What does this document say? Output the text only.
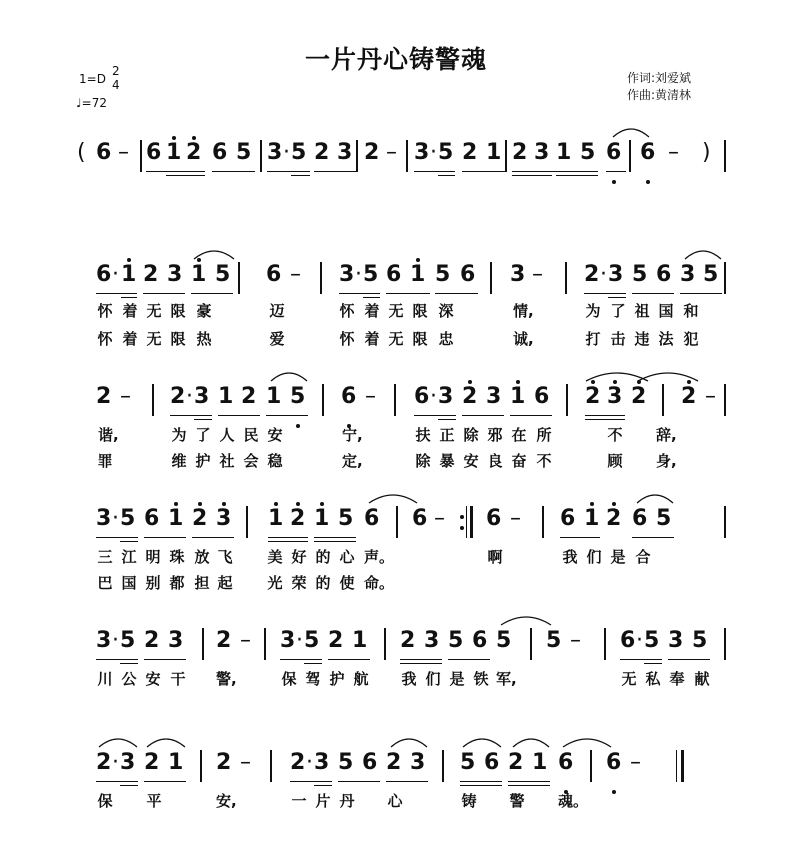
一片丹心铸警魂
1=D
2
4
♩=72
作词:刘爱斌
作曲:黄清林
( 6 – 6 1 2 6 5 3 · 5 2 3 2 – 3 · 5 2 1 2 3 1 5 6 6 – )
6 · 1 2 3 1 5 6 – 3 · 5 6 1 5 6 3 – 2 · 3 5 6 3 5
2 – 2 · 3 1 2 1 5 6 – 6 · 3 2 3 1 6 2 3 2 2 –
3 · 5 6 1 2 3 1 2 1 5 6 6 – 6 – 6 1 2 6 5
3 · 5 2 3 2 – 3 · 5 2 1 2 3 5 6 5 5 – 6 · 5 3 5
2 · 3 2 1 2 – 2 · 3 5 6 2 3 5 6 2 1 6 6 –
怀 着 无 限 豪	迈	怀 着 无 限 深	情,	为 了 祖 国 和
怀 着 无 限 热	爱	怀 着 无 限 忠	诚,	打 击 违 法 犯
谐,	为 了 人 民 安	宁,	扶 正 除 邪 在 所	不 辞,
罪	维 护 社 会 稳	定,	除 暴 安 良 奋 不	顾 身,
三 江 明 珠 放 飞 美 好 的 心 声。	啊	我 们 是 合
巴 国 别 都 担 起 光 荣 的 使 命。
川 公 安 干 警,	保 驾 护 航 我 们 是 铁 军,	无 私 奉 献
保 平	安,	一 片 丹 心	铸 警 魂。
